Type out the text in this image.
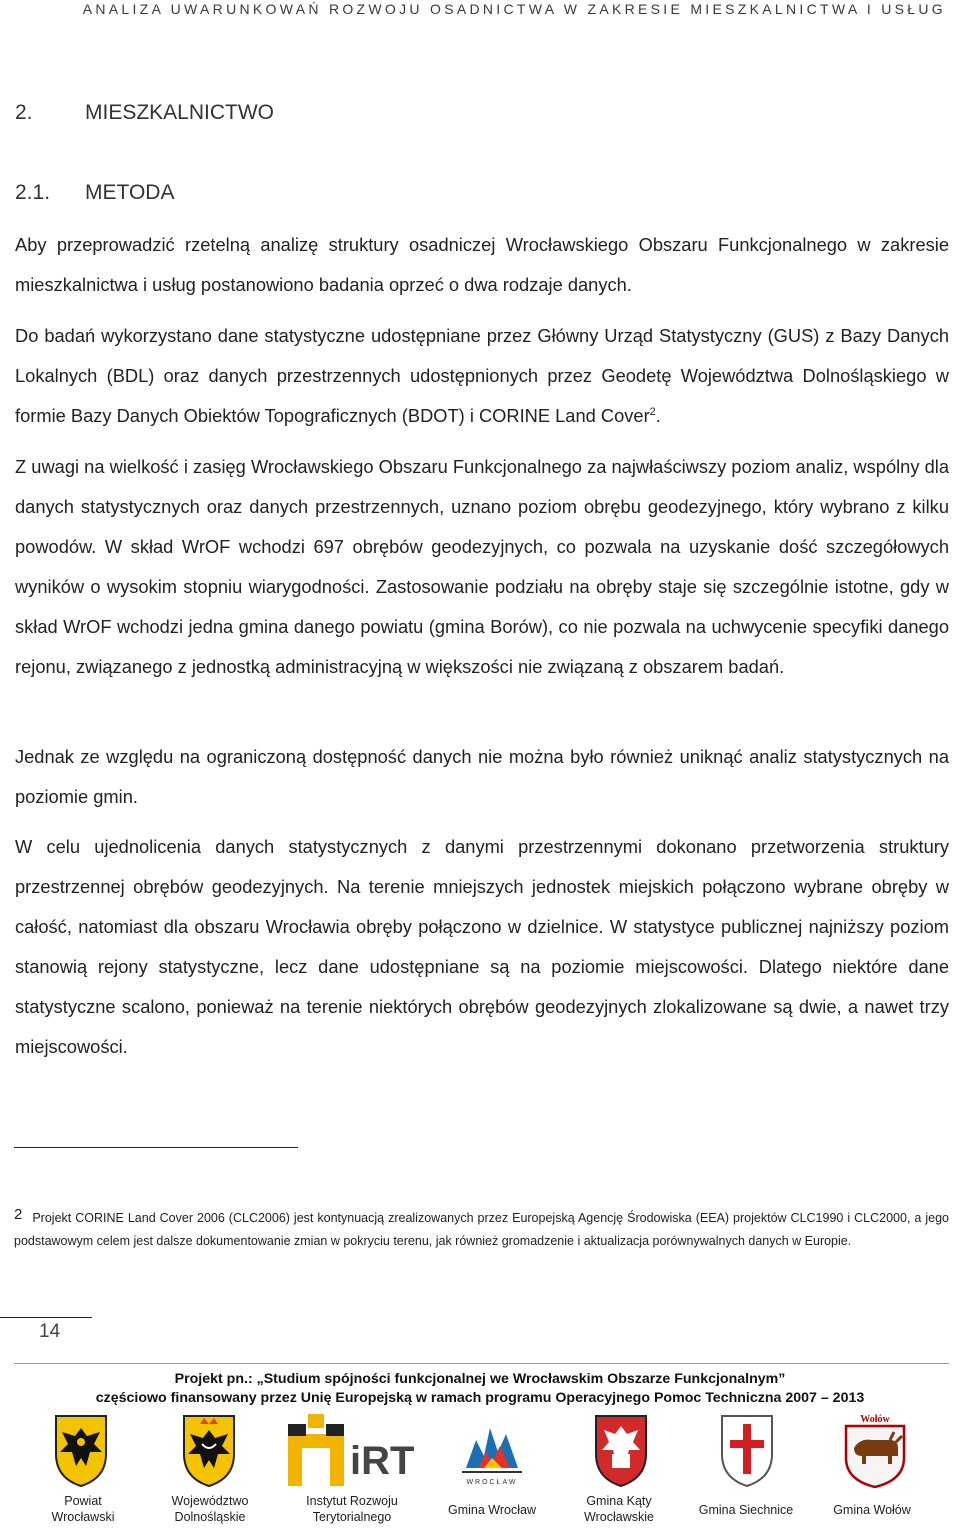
ANALIZA UWARUNKOWAŃ ROZWOJU OSADNICTWA W ZAKRESIE MIESZKALNICTWA I USŁUG
2. MIESZKALNICTWO
2.1. METODA

Aby przeprowadzić rzetelną analizę struktury osadniczej Wrocławskiego Obszaru Funkcjonalnego w zakresie mieszkalnictwa i usług postanowiono badania oprzeć o dwa rodzaje danych.

Do badań wykorzystano dane statystyczne udostępniane przez Główny Urząd Statystyczny (GUS) z Bazy Danych Lokalnych (BDL) oraz danych przestrzennych udostępnionych przez Geodetę Województwa Dolnośląskiego w formie Bazy Danych Obiektów Topograficznych (BDOT) i CORINE Land Cover$^2$.

Z uwagi na wielkość i zasięg Wrocławskiego Obszaru Funkcjonalnego za najwłaściwszy poziom analiz, wspólny dla danych statystycznych oraz danych przestrzennych, uznano poziom obrębu geodezyjnego, który wybrano z kilku powodów. W skład WrOF wchodzi 697 obrębów geodezyjnych, co pozwala na uzyskanie dość szczegółowych wyników o wysokim stopniu wiarygodności. Zastosowanie podziału na obręby staje się szczególnie istotne, gdy w skład WrOF wchodzi jedna gmina danego powiatu (gmina Borów), co nie pozwala na uchwycenie specyfiki danego rejonu, związanego z jednostką administracyjną w większości nie związaną z obszarem badań.

Jednak ze względu na ograniczoną dostępność danych nie można było również uniknąć analiz statystycznych na poziomie gmin.

W celu ujednolicenia danych statystycznych z danymi przestrzennymi dokonano przetworzenia struktury przestrzennej obrębów geodezyjnych. Na terenie mniejszych jednostek miejskich połączono wybrane obręby w całość, natomiast dla obszaru Wrocławia obręby połączono w dzielnice. W statystyce publicznej najniższy poziom stanowią rejony statystyczne, lecz dane udostępniane są na poziomie miejscowości. Dlatego niektóre dane statystyczne scalono, ponieważ na terenie niektórych obrębów geodezyjnych zlokalizowane są dwie, a nawet trzy miejscowości.

2 Projekt CORINE Land Cover 2006 (CLC2006) jest kontynuacją zrealizowanych przez Europejską Agencję Środowiska (EEA) projektów CLC1990 i CLC2000, a jego podstawowym celem jest dalsze dokumentowanie zmian w pokryciu terenu, jak również gromadzenie i aktualizacja porównywalnych danych w Europie.

14
Projekt pn.: „Studium spójności funkcjonalnej we Wrocławskim Obszarze Funkcjonalnym”
częściowo finansowany przez Unię Europejską w ramach programu Operacyjnego Pomoc Techniczna 2007 – 2013
iRT	WROCŁAW
Wołów
Powiat
Wrocławski
Województwo
Dolnośląskie
Instytut Rozwoju
Terytorialnego	Gmina Wrocław
Gmina Kąty
Wrocławskie	Gmina Siechnice	Gmina Wołów
